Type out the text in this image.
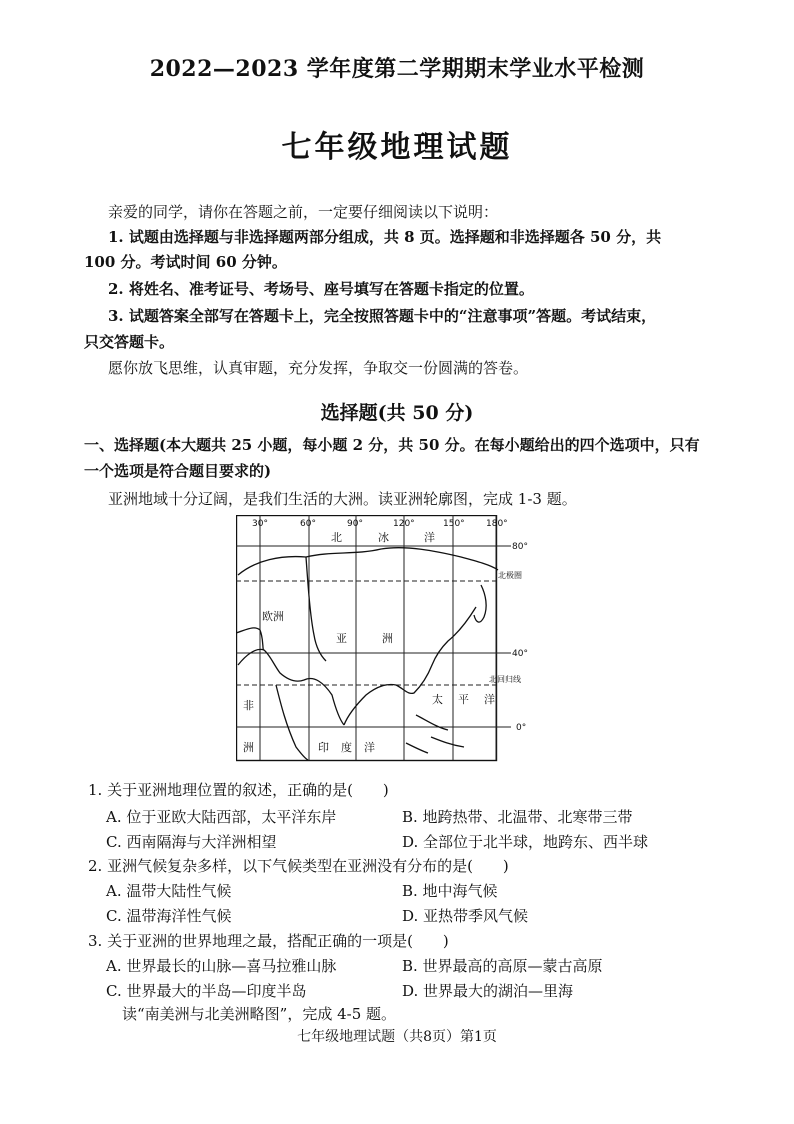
2022—2023 学年度第二学期期末学业水平检测
七年级地理试题
亲爱的同学，请你在答题之前，一定要仔细阅读以下说明：
1. 试题由选择题与非选择题两部分组成，共 8 页。选择题和非选择题各 50 分，共
100 分。考试时间 60 分钟。
2. 将姓名、准考证号、考场号、座号填写在答题卡指定的位置。
3. 试题答案全部写在答题卡上，完全按照答题卡中的“注意事项”答题。考试结束，
只交答题卡。
愿你放飞思维，认真审题，充分发挥，争取交一份圆满的答卷。
选择题(共 50 分)
一、选择题(本大题共 25 小题，每小题 2 分，共 50 分。在每小题给出的四个选项中，只有
一个选项是符合题目要求的)
亚洲地域十分辽阔，是我们生活的大洲。读亚洲轮廓图，完成 1-3 题。
30°	60°	90°	120°	150° 180°
80°
40°
0°
北极圈
北回归线
北	冰	洋
欧洲
亚	洲
非
洲	印 度 洋
太 平 洋
1. 关于亚洲地理位置的叙述，正确的是(　　)
A. 位于亚欧大陆西部，太平洋东岸	B. 地跨热带、北温带、北寒带三带
C. 西南隔海与大洋洲相望	D. 全部位于北半球，地跨东、西半球
2. 亚洲气候复杂多样，以下气候类型在亚洲没有分布的是(　　)
A. 温带大陆性气候	B. 地中海气候
C. 温带海洋性气候	D. 亚热带季风气候
3. 关于亚洲的世界地理之最，搭配正确的一项是(　　)
A. 世界最长的山脉—喜马拉雅山脉	B. 世界最高的高原—蒙古高原
C. 世界最大的半岛—印度半岛	D. 世界最大的湖泊—里海
读“南美洲与北美洲略图”，完成 4-5 题。
七年级地理试题（共8页）第1页
